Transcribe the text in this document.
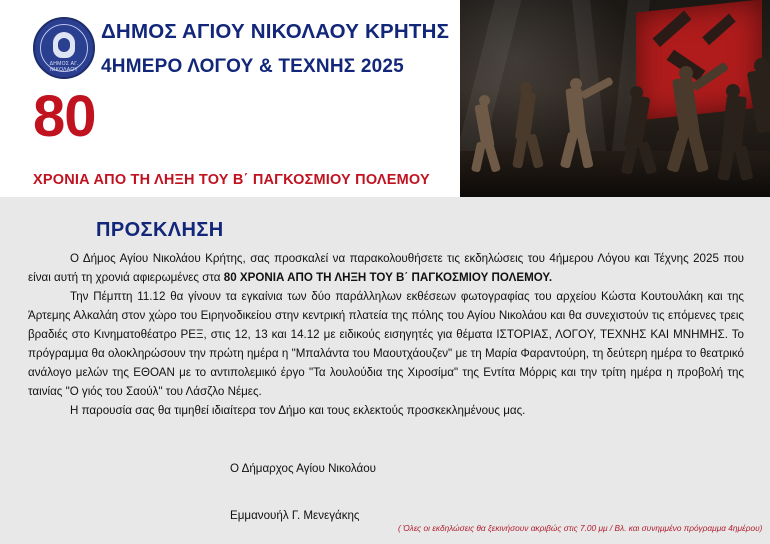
ΔΗΜΟΣ ΑΓ. ΝΙΚΟΛΑΟΥ
ΔΗΜΟΣ ΑΓΙΟΥ ΝΙΚΟΛΑΟΥ ΚΡΗΤΗΣ
4ΗΜΕΡΟ ΛΟΓΟΥ & ΤΕΧΝΗΣ 2025
80
ΧΡΟΝΙΑ ΑΠΟ ΤΗ ΛΗΞΗ ΤΟΥ Β΄ ΠΑΓΚΟΣΜΙΟΥ ΠΟΛΕΜΟΥ
ΠΡΟΣΚΛΗΣΗ

Ο Δήμος Αγίου Νικολάου Κρήτης, σας προσκαλεί να παρακολουθήσετε τις εκδηλώσεις του 4ήμερου Λόγου και Τέχνης 2025 που είναι αυτή τη χρονιά αφιερωμένες στα 80 ΧΡΟΝΙΑ ΑΠΟ ΤΗ ΛΗΞΗ ΤΟΥ Β΄ ΠΑΓΚΟΣΜΙΟΥ ΠΟΛΕΜΟΥ.

Την Πέμπτη 11.12 θα γίνουν τα εγκαίνια των δύο παράλληλων εκθέσεων φωτογραφίας του αρχείου Κώστα Κουτουλάκη και της Άρτεμης Αλκαλάη στον χώρο του Ειρηνοδικείου στην κεντρική πλατεία της πόλης του Αγίου Νικολάου και θα συνεχιστούν τις επόμενες τρεις βραδιές στο Κινηματοθέατρο ΡΕΞ, στις 12, 13 και 14.12 με ειδικούς εισηγητές για θέματα ΙΣΤΟΡΙΑΣ, ΛΟΓΟΥ, ΤΕΧΝΗΣ ΚΑΙ ΜΝΗΜΗΣ. Το πρόγραμμα θα ολοκληρώσουν την πρώτη ημέρα η "Μπαλάντα του Μαουτχάουζεν" με τη Μαρία Φαραντούρη, τη δεύτερη ημέρα το θεατρικό ανάλογο μελών της ΕΘΟΑΝ με το αντιπολεμικό έργο "Τα λουλούδια της Χιροσίμα" της Εντίτα Μόρρις και την τρίτη ημέρα η προβολή της ταινίας "Ο γιός του Σαούλ" του Λάσζλο Νέμες.

Η παρουσία σας θα τιμηθεί ιδιαίτερα τον Δήμο και τους εκλεκτούς προσκεκλημένους μας.

Ο Δήμαρχος Αγίου Νικολάου
Εμμανουήλ Γ. Μενεγάκης
( Όλες οι εκδηλώσεις θα ξεκινήσουν ακριβώς στις 7.00 μμ / Βλ. και συνημμένο πρόγραμμα 4ημέρου)
